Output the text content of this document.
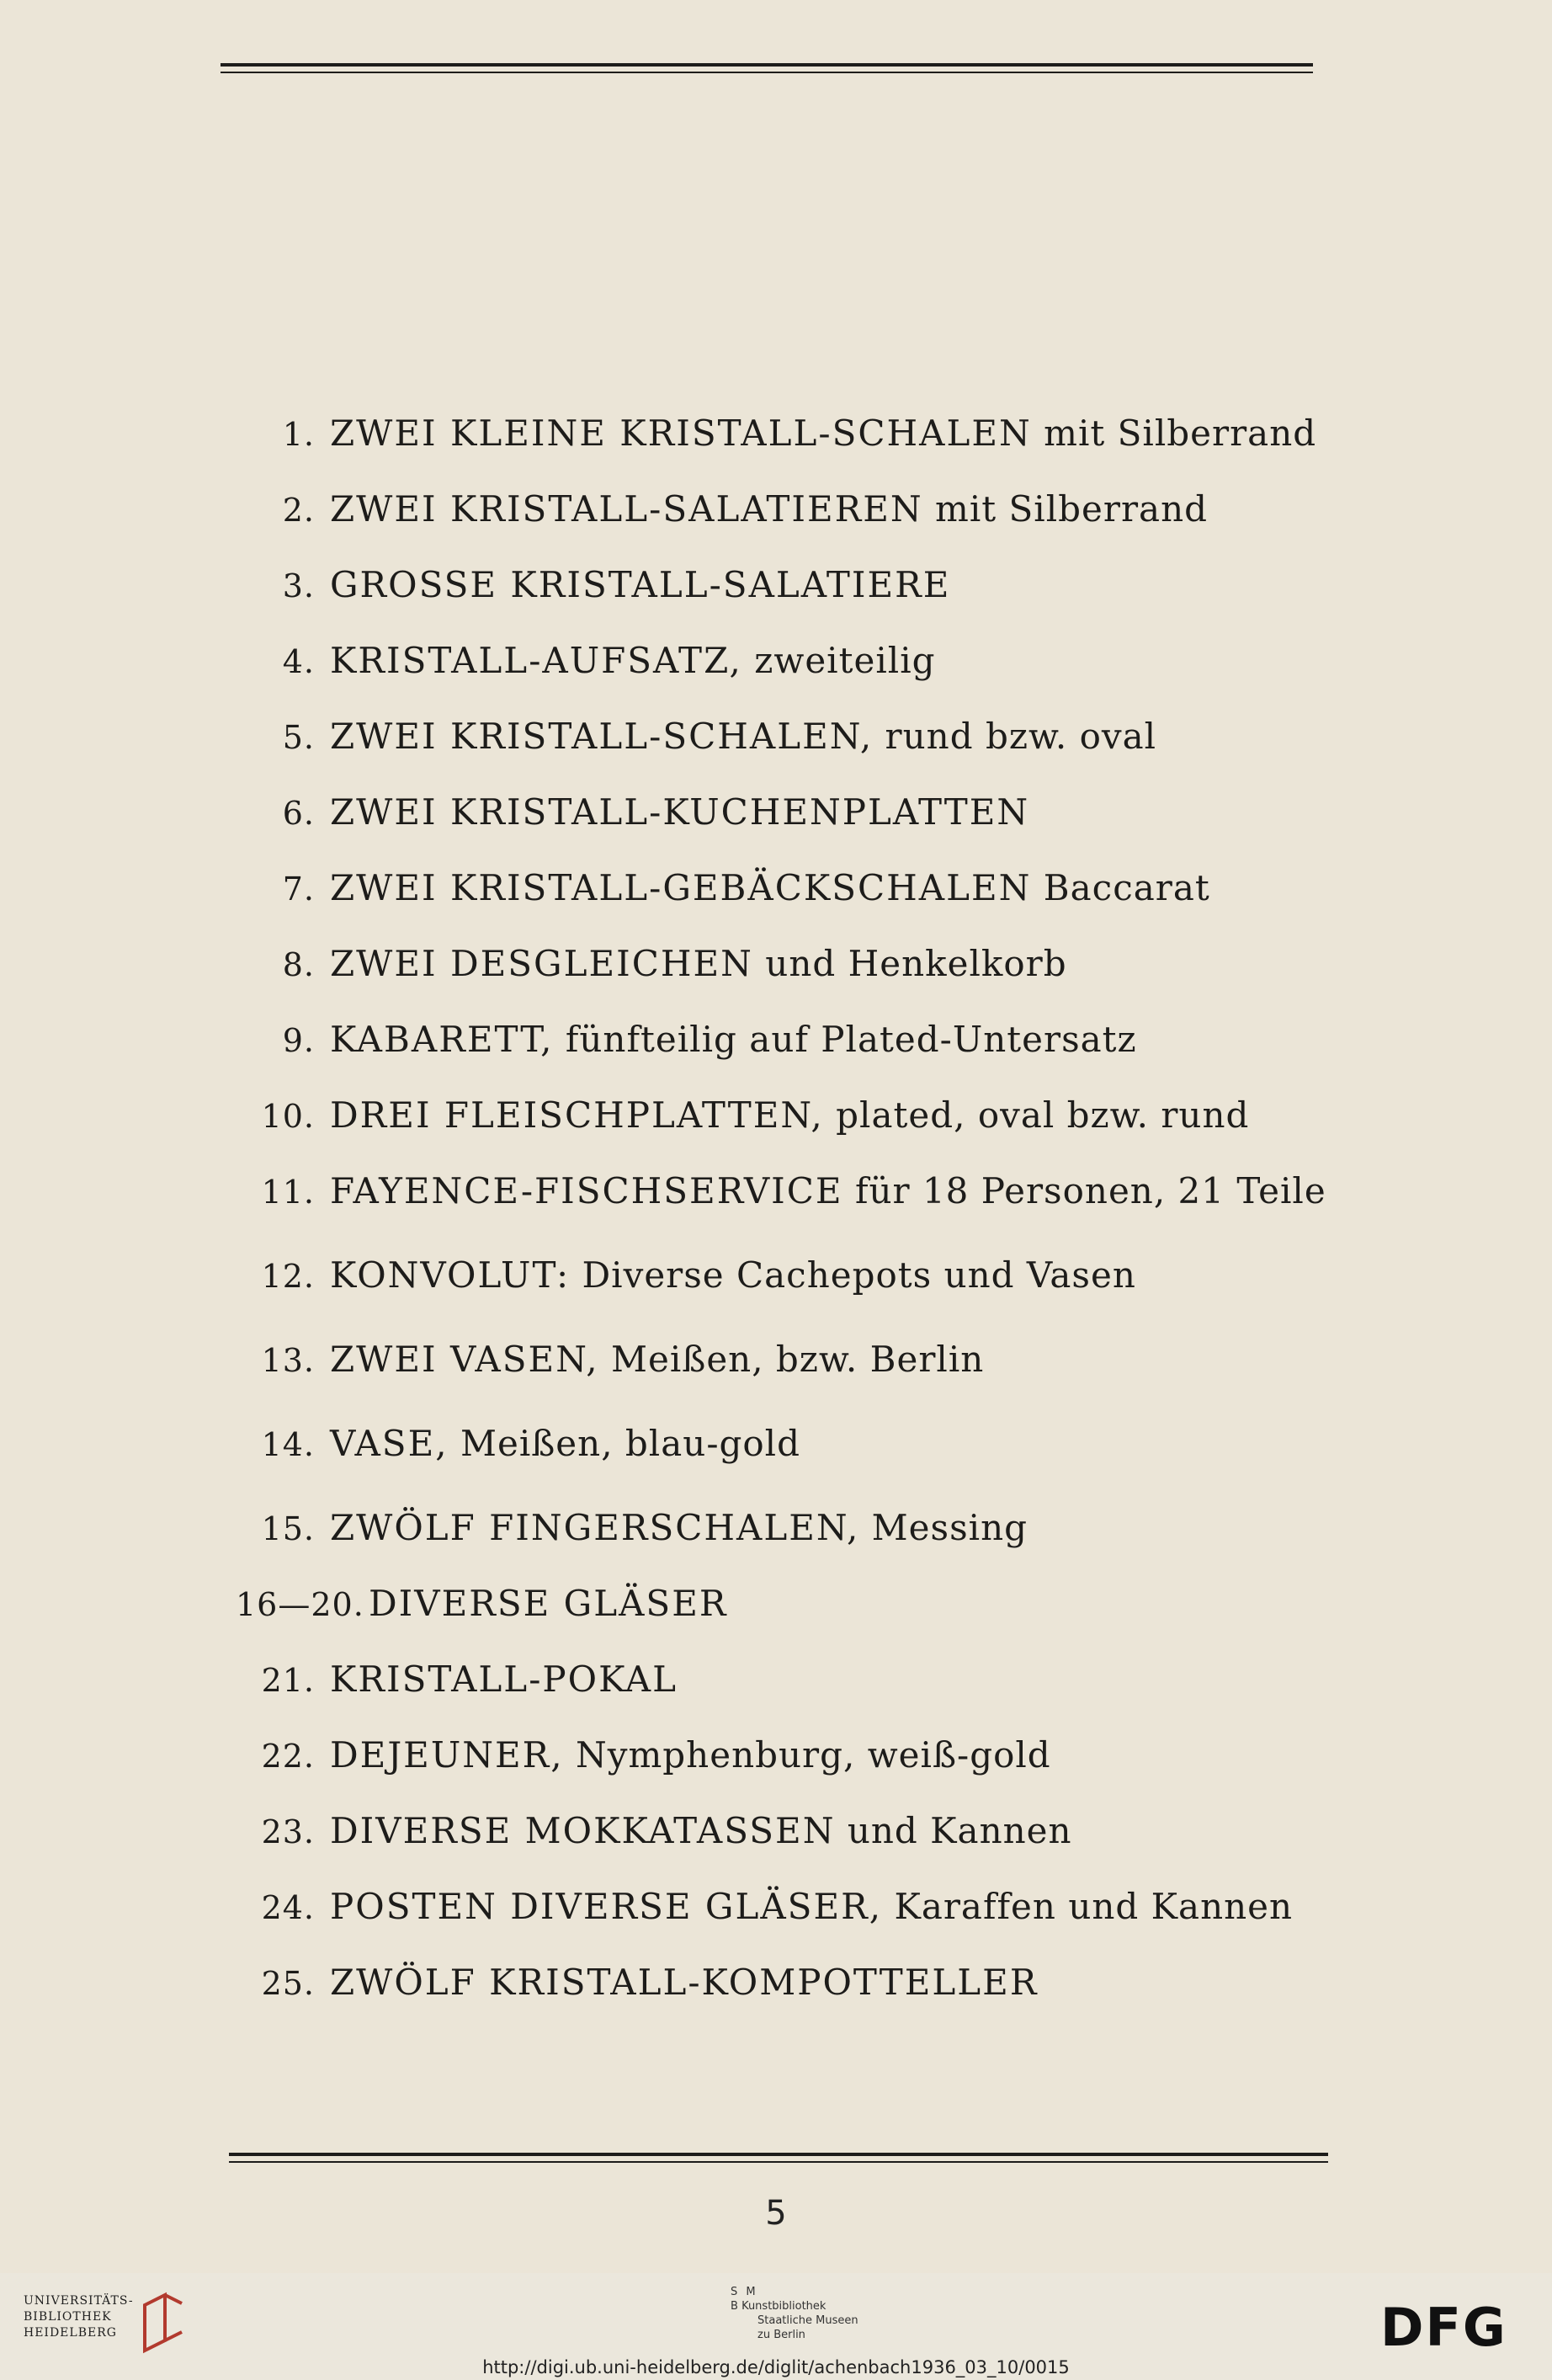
1. ZWEI KLEINE KRISTALL-SCHALEN mit Silberrand
2. ZWEI KRISTALL-SALATIEREN mit Silberrand
3. GROSSE KRISTALL-SALATIERE
4. KRISTALL-AUFSATZ, zweiteilig
5. ZWEI KRISTALL-SCHALEN, rund bzw. oval
6. ZWEI KRISTALL-KUCHENPLATTEN
7. ZWEI KRISTALL-GEBÄCKSCHALEN Baccarat
8. ZWEI DESGLEICHEN und Henkelkorb
9. KABARETT, fünfteilig auf Plated-Untersatz
10. DREI FLEISCHPLATTEN, plated, oval bzw. rund
11. FAYENCE-FISCHSERVICE für 18 Personen, 21 Teile
12. KONVOLUT: Diverse Cachepots und Vasen
13. ZWEI VASEN, Meißen, bzw. Berlin
14. VASE, Meißen, blau-gold
15. ZWÖLF FINGERSCHALEN, Messing
16—20. DIVERSE GLÄSER
21. KRISTALL-POKAL
22. DEJEUNER, Nymphenburg, weiß-gold
23. DIVERSE MOKKATASSEN und Kannen
24. POSTEN DIVERSE GLÄSER, Karaffen und Kannen
25. ZWÖLF KRISTALL-KOMPOTTELLER
5
UNIVERSITÄTS-
BIBLIOTHEK
HEIDELBERG
S M
B Kunstbibliothek
Staatliche Museen
zu Berlin	DFG
http://digi.ub.uni-heidelberg.de/diglit/achenbach1936_03_10/0015
